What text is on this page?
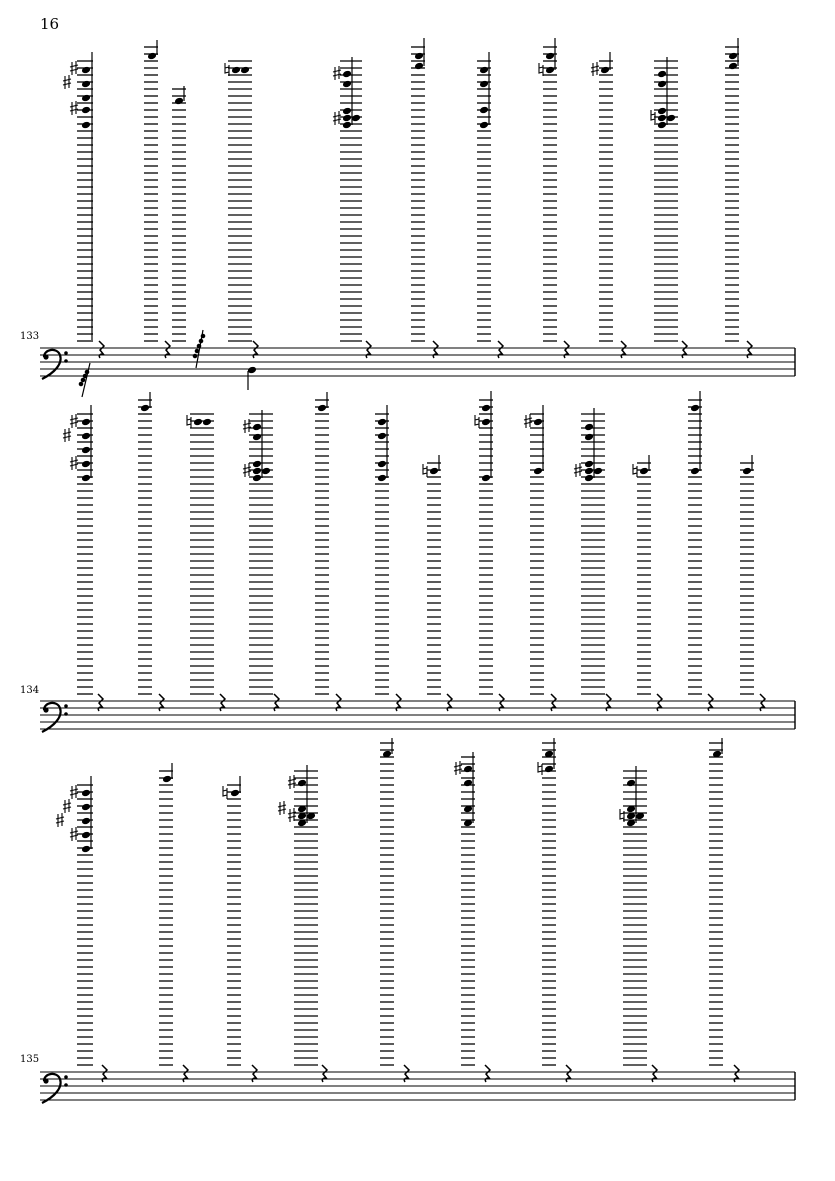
16
133
134
135
